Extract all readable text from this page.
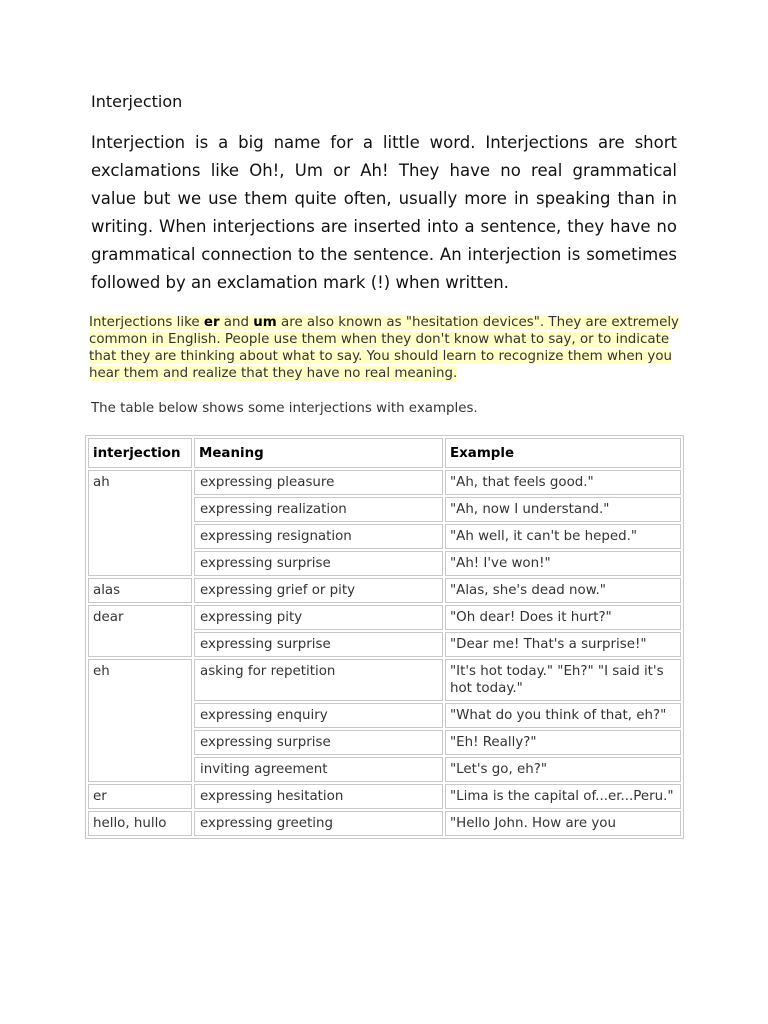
Interjection
Interjection is a big name for a little word. Interjections are short exclamations like Oh!, Um or Ah! They have no real grammatical value but we use them quite often, usually more in speaking than in writing. When interjections are inserted into a sentence, they have no grammatical connection to the sentence. An interjection is sometimes followed by an exclamation mark (!) when written.
Interjections like er and um are also known as "hesitation devices". They are extremely common in English. People use them when they don't know what to say, or to indicate that they are thinking about what to say. You should learn to recognize them when you hear them and realize that they have no real meaning.
The table below shows some interjections with examples.
interjection	Meaning	Example
ah	expressing pleasure	"Ah, that feels good."
	expressing realization	"Ah, now I understand."
	expressing resignation	"Ah well, it can't be heped."
	expressing surprise	"Ah! I've won!"
alas	expressing grief or pity	"Alas, she's dead now."
dear	expressing pity	"Oh dear! Does it hurt?"
	expressing surprise	"Dear me! That's a surprise!"
eh	asking for repetition	"It's hot today." "Eh?" "I said it's hot today."
	expressing enquiry	"What do you think of that, eh?"
	expressing surprise	"Eh! Really?"
	inviting agreement	"Let's go, eh?"
er	expressing hesitation	"Lima is the capital of...er...Peru."
hello, hullo	expressing greeting	"Hello John. How are you
